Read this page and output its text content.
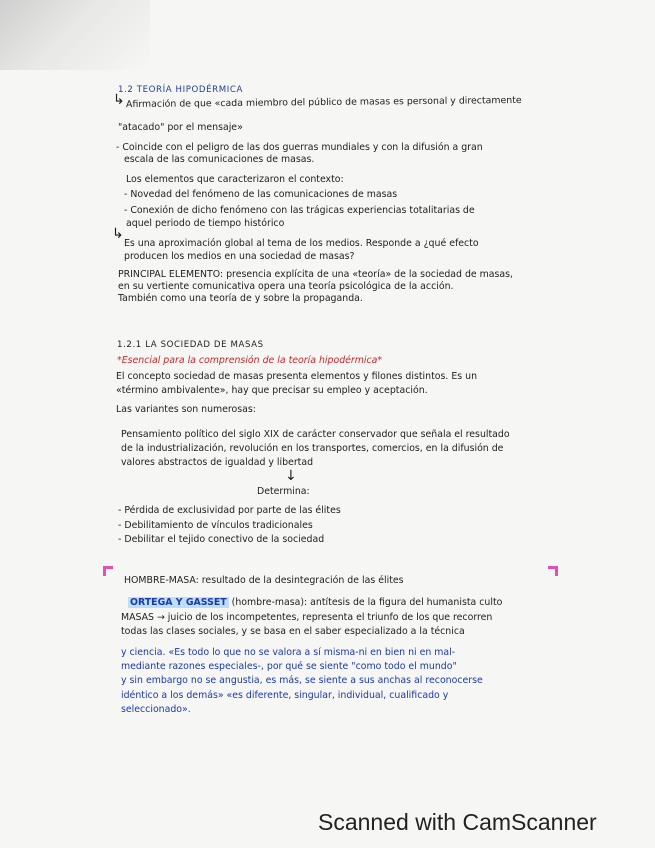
1.2 TEORÍA HIPODÉRMICA
↳ Afirmación de que «cada miembro del público de masas es personal y directamente
"atacado" por el mensaje»
- Coincide con el peligro de las dos guerras mundiales y con la difusión a gran
escala de las comunicaciones de masas.
Los elementos que caracterizaron el contexto:
- Novedad del fenómeno de las comunicaciones de masas
- Conexión de dicho fenómeno con las trágicas experiencias totalitarias de
aquel periodo de tiempo histórico
↳
Es una aproximación global al tema de los medios. Responde a ¿qué efecto
producen los medios en una sociedad de masas?
PRINCIPAL ELEMENTO: presencia explícita de una «teoría» de la sociedad de masas,
en su vertiente comunicativa opera una teoría psicológica de la acción.
También como una teoría de y sobre la propaganda.
1.2.1 LA SOCIEDAD DE MASAS
*Esencial para la comprensión de la teoría hipodérmica*
El concepto sociedad de masas presenta elementos y filones distintos. Es un
«término ambivalente», hay que precisar su empleo y aceptación.
Las variantes son numerosas:
Pensamiento político del siglo XIX de carácter conservador que señala el resultado
de la industrialización, revolución en los transportes, comercios, en la difusión de
valores abstractos de igualdad y libertad
↓
Determina:
- Pérdida de exclusividad por parte de las élites
- Debilitamiento de vínculos tradicionales
- Debilitar el tejido conectivo de la sociedad
HOMBRE-MASA: resultado de la desintegración de las élites
ORTEGA Y GASSET (hombre-masa): antítesis de la figura del humanista culto
MASAS → juicio de los incompetentes, representa el triunfo de los que recorren
todas las clases sociales, y se basa en el saber especializado a la técnica
y ciencia. «Es todo lo que no se valora a sí misma-ni en bien ni en mal-
mediante razones especiales-, por qué se siente "como todo el mundo"
y sin embargo no se angustia, es más, se siente a sus anchas al reconocerse
idéntico a los demás» «es diferente, singular, individual, cualificado y
seleccionado».
Scanned with CamScanner
